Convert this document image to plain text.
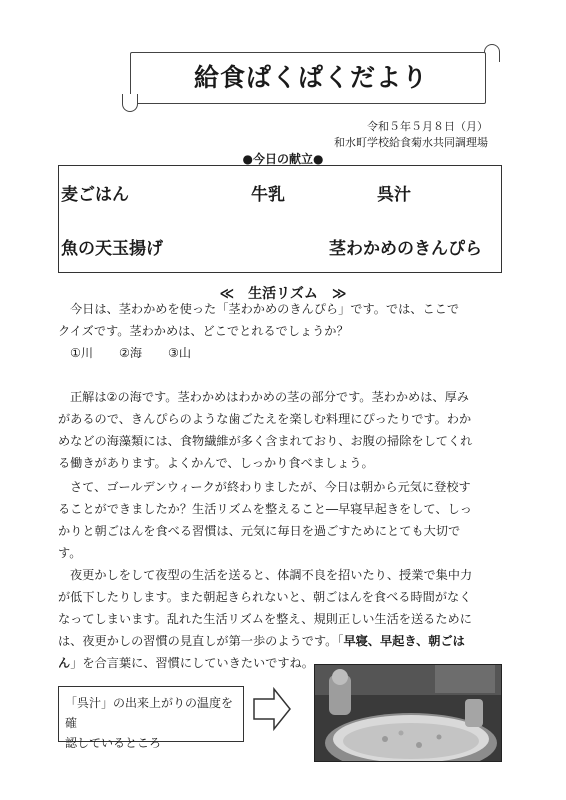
給食ぱくぱくだより
令和５年５月８日（月）
和水町学校給食菊水共同調理場
●今日の献立●
麦ごはん	牛乳	呉汁
魚の天玉揚げ	茎わかめのきんぴら
≪　生活リズム　≫
今日は、茎わかめを使った「茎わかめのきんぴら」です。では、ここで
クイズです。茎わかめは、どこでとれるでしょうか？
①川 ②海 ③山
正解は②の海です。茎わかめはわかめの茎の部分です。茎わかめは、厚み
があるので、きんぴらのような歯ごたえを楽しむ料理にぴったりです。わか
めなどの海藻類には、食物繊維が多く含まれており、お腹の掃除をしてくれ
る働きがあります。よくかんで、しっかり食べましょう。
さて、ゴールデンウィークが終わりましたが、今日は朝から元気に登校す
ることができましたか？生活リズムを整えること―早寝早起きをして、しっ
かりと朝ごはんを食べる習慣は、元気に毎日を過ごすためにとても大切で
す。
夜更かしをして夜型の生活を送ると、体調不良を招いたり、授業で集中力
が低下したりします。また朝起きられないと、朝ごはんを食べる時間がなく
なってしまいます。乱れた生活リズムを整え、規則正しい生活を送るために
は、夜更かしの習慣の見直しが第一歩のようです。「早寝、早起き、朝ごは
ん」を合言葉に、習慣にしていきたいですね。
「呉汁」の出来上がりの温度を確
認しているところ
